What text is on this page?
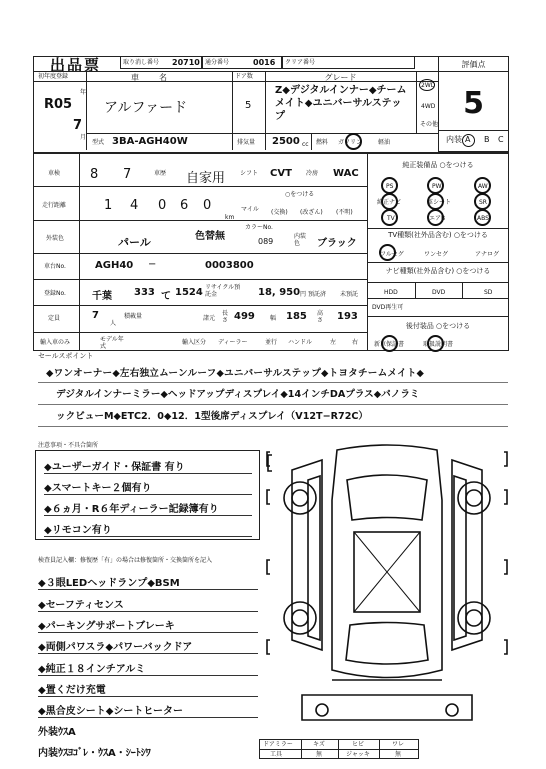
出品票	取り消し番号 20710 通分番号	0016 クリア番号	評価点
5
内装 A B C
初年度登録	車名	ドア数	グレード
R05
年
7
月
アルファード	5
Z◆デジタルインナー◆チームメイト◆ユニバーサルステップ
2WD
4WD
その他
型式 3BA-AGH40W	排気量 2500 cc 燃料 ガソリン	軽油
車検 8 7	車歴 自家用 シフト CVT 冷房 WAC
走行距離	1 4 0 6 0
km
○をつける
マイル (交換) (改ざん) (不明)
外装色	パール	色替無
カラーNo.
089
内装色	ブラック
車台No.	AGH40 −	0003800
登録No.	千葉 333 て 1524 リサイクル預託金	18, 950 円 預託済 未預託
定員	7
人
積載量	諸元
長さ 499	幅 185 高さ 193
輸入車のみ	モデル年式
輸入区分 ディーラー	並行 ハンドル	左	右
純正装備品 ○をつける
PS	PW	AW
純正ナビ	革シート	SR
エアB	ABS
TV
TV種類(社外品含む) ○をつける
フルセグ	ワンセグ	アナログ
ナビ種類(社外品含む) ○をつける
HDD	DVD	SD
DVD再生可
後付装品 ○をつける
新車保証書	取扱説明書
セールスポイント
◆ワンオーナー◆左右独立ムーンルーフ◆ユニバーサルステップ◆トヨタチームメイト◆
デジタルインナーミラー◆ヘッドアップディスプレイ◆14インチDAプラス◆パノラミ
ックビューM◆ETC2．0◆12．1型後席ディスプレイ（V12T−R72C）
注意事項・不具合箇所
◆ユーザーガイド・保証書 有り
◆スマートキー２個有り
◆６ヵ月・R６年ディーラー記録簿有り
◆リモコン有り
検査員記入欄：修復歴「有」の場合は修復箇所・交換箇所を記入
◆３眼LEDヘッドランプ◆BSM
◆セーフティセンス
◆パーキングサポートブレーキ
◆両側パワスラ◆パワーバックドア
◆純正１８インチアルミ
◆置くだけ充電
◆黒合皮シート◆シートヒーター
外装ｳｽA
内装ｳｽﾖｺﾞﾚ・ｳｽA・ｼｰﾄｼﾜ
ドアミラー	キズ	ヒビ	ワレ
工具	無	ジャッキ	無
